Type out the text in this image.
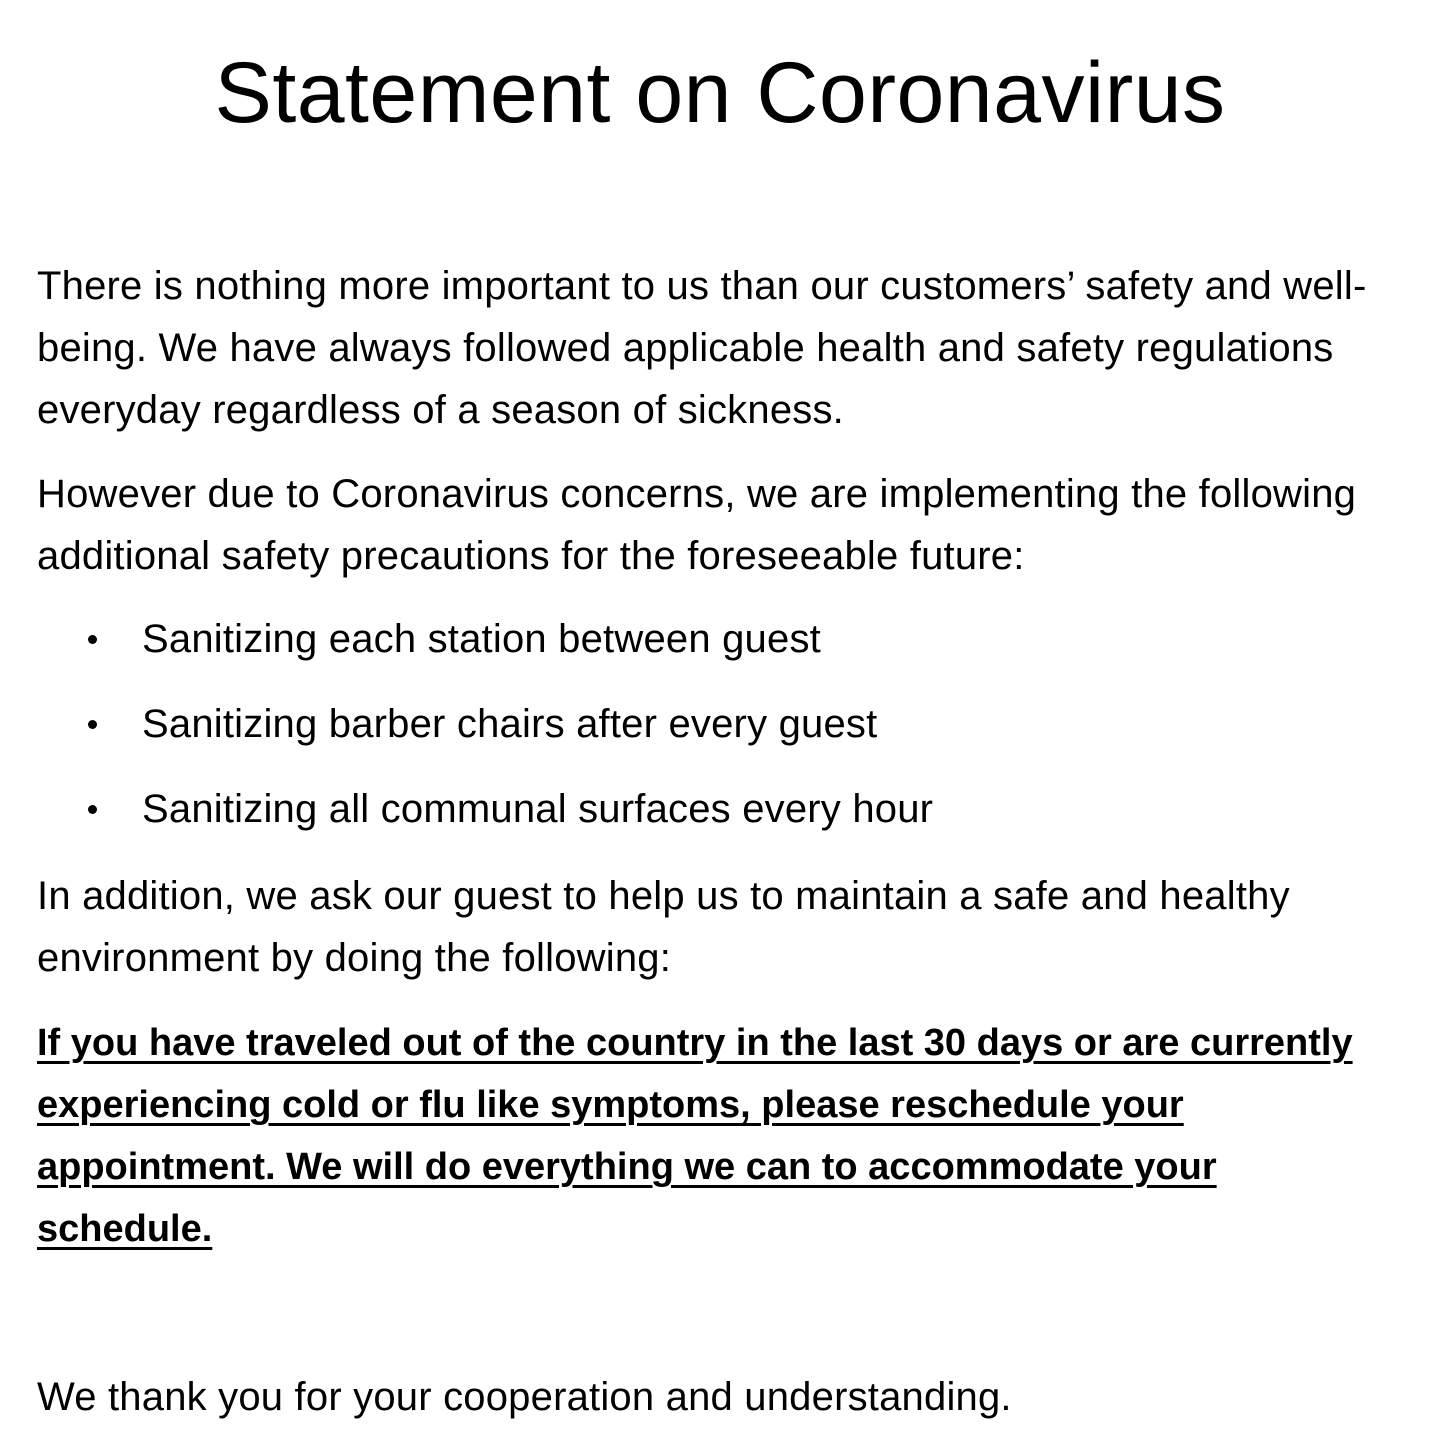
Statement on Coronavirus

There is nothing more important to us than our customers’ safety and well-being. We have always followed applicable health and safety regulations everyday regardless of a season of sickness.

However due to Coronavirus concerns, we are implementing the following additional safety precautions for the foreseeable future:

Sanitizing each station between guest
Sanitizing barber chairs after every guest
Sanitizing all communal surfaces every hour

In addition, we ask our guest to help us to maintain a safe and healthy environment by doing the following:

If you have traveled out of the country in the last 30 days or are currently experiencing cold or flu like symptoms, please reschedule your appointment. We will do everything we can to accommodate your schedule.

We thank you for your cooperation and understanding.
